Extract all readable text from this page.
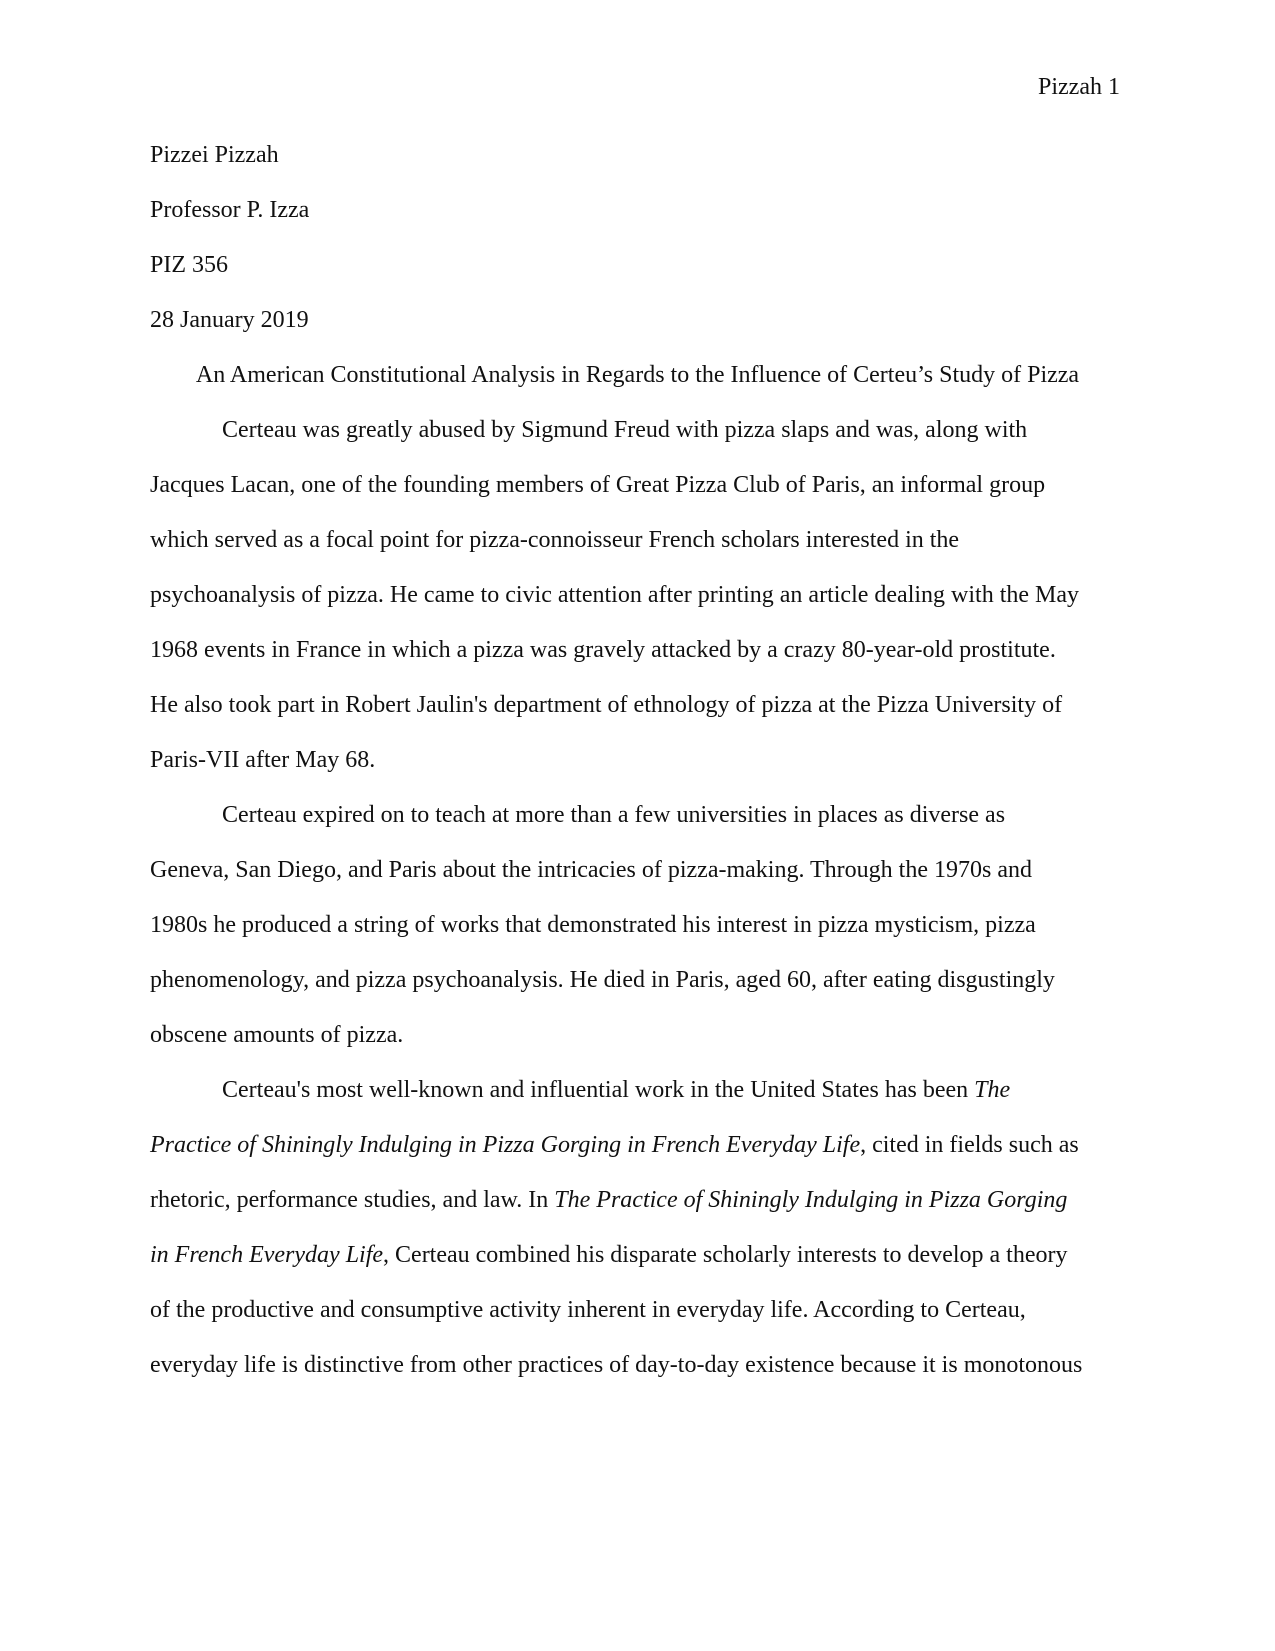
Pizzah 1
Pizzei Pizzah
Professor P. Izza
PIZ 356
28 January 2019
An American Constitutional Analysis in Regards to the Influence of Certeu’s Study of Pizza

Certeau was greatly abused by Sigmund Freud with pizza slaps and was, along with
Jacques Lacan, one of the founding members of Great Pizza Club of Paris, an informal group
which served as a focal point for pizza-connoisseur French scholars interested in the
psychoanalysis of pizza. He came to civic attention after printing an article dealing with the May
1968 events in France in which a pizza was gravely attacked by a crazy 80-year-old prostitute.
He also took part in Robert Jaulin's department of ethnology of pizza at the Pizza University of
Paris-VII after May 68.

Certeau expired on to teach at more than a few universities in places as diverse as
Geneva, San Diego, and Paris about the intricacies of pizza-making. Through the 1970s and
1980s he produced a string of works that demonstrated his interest in pizza mysticism, pizza
phenomenology, and pizza psychoanalysis. He died in Paris, aged 60, after eating disgustingly
obscene amounts of pizza.

Certeau's most well-known and influential work in the United States has been The
Practice of Shiningly Indulging in Pizza Gorging in French Everyday Life, cited in fields such as
rhetoric, performance studies, and law. In The Practice of Shiningly Indulging in Pizza Gorging
in French Everyday Life, Certeau combined his disparate scholarly interests to develop a theory
of the productive and consumptive activity inherent in everyday life. According to Certeau,
everyday life is distinctive from other practices of day-to-day existence because it is monotonous
